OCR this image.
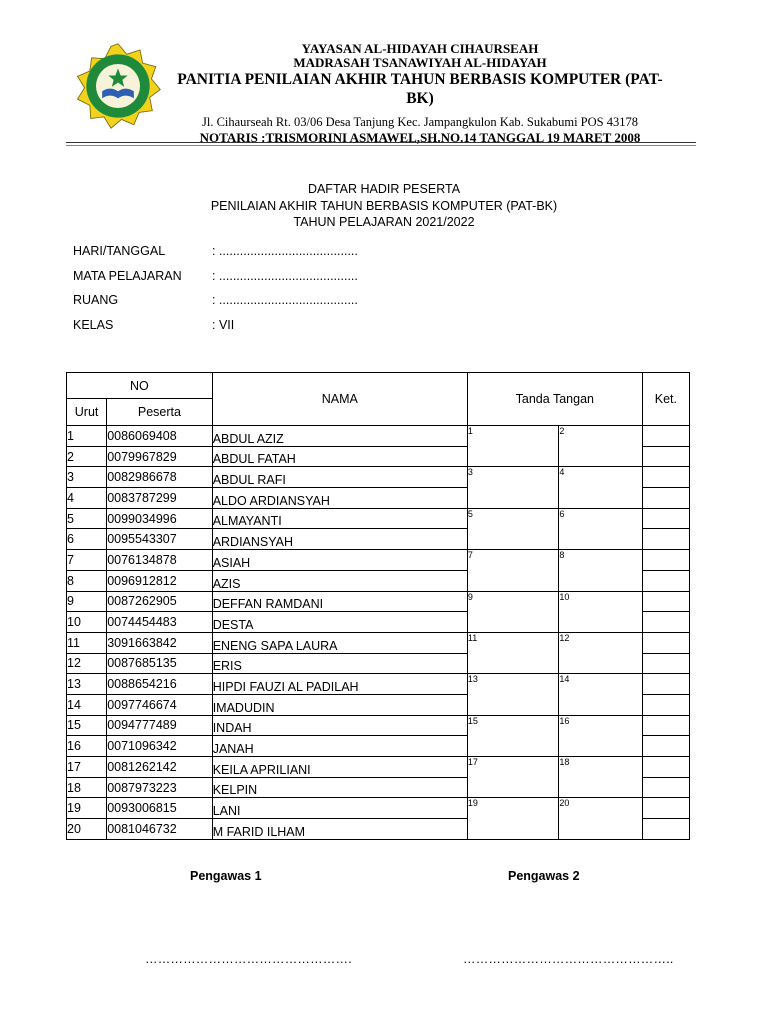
YAYASAN AL-HIDAYAH CIHAURSEAH
MADRASAH TSANAWIYAH AL-HIDAYAH
PANITIA PENILAIAN AKHIR TAHUN BERBASIS KOMPUTER (PAT-BK)
Jl. Cihaurseah Rt. 03/06 Desa Tanjung Kec. Jampangkulon Kab. Sukabumi POS 43178
NOTARIS :TRISMORINI ASMAWEL,SH.NO.14 TANGGAL 19 MARET 2008
DAFTAR HADIR PESERTA
PENILAIAN AKHIR TAHUN BERBASIS KOMPUTER (PAT-BK)
TAHUN PELAJARAN 2021/2022
HARI/TANGGAL	: ........................................
MATA PELAJARAN	: ........................................
RUANG	: ........................................
KELAS	: VII
NO		NAMA	Tanda Tangan		Ket.
Urut	Peserta				
1	0086069408	ABDUL AZIZ	1	2	
2	0079967829	ABDUL FATAH			
3	0082986678	ABDUL RAFI	3	4	
4	0083787299	ALDO ARDIANSYAH			
5	0099034996	ALMAYANTI	5	6	
6	0095543307	ARDIANSYAH			
7	0076134878	ASIAH	7	8	
8	0096912812	AZIS			
9	0087262905	DEFFAN RAMDANI	9	10	
10	0074454483	DESTA			
11	3091663842	ENENG SAPA LAURA	11	12	
12	0087685135	ERIS			
13	0088654216	HIPDI FAUZI AL PADILAH	13	14	
14	0097746674	IMADUDIN			
15	0094777489	INDAH	15	16	
16	0071096342	JANAH			
17	0081262142	KEILA APRILIANI	17	18	
18	0087973223	KELPIN			
19	0093006815	LANI	19	20	
20	0081046732	M FARID ILHAM			
Pengawas 1	Pengawas 2
………………………………………….	…………………………………………..
